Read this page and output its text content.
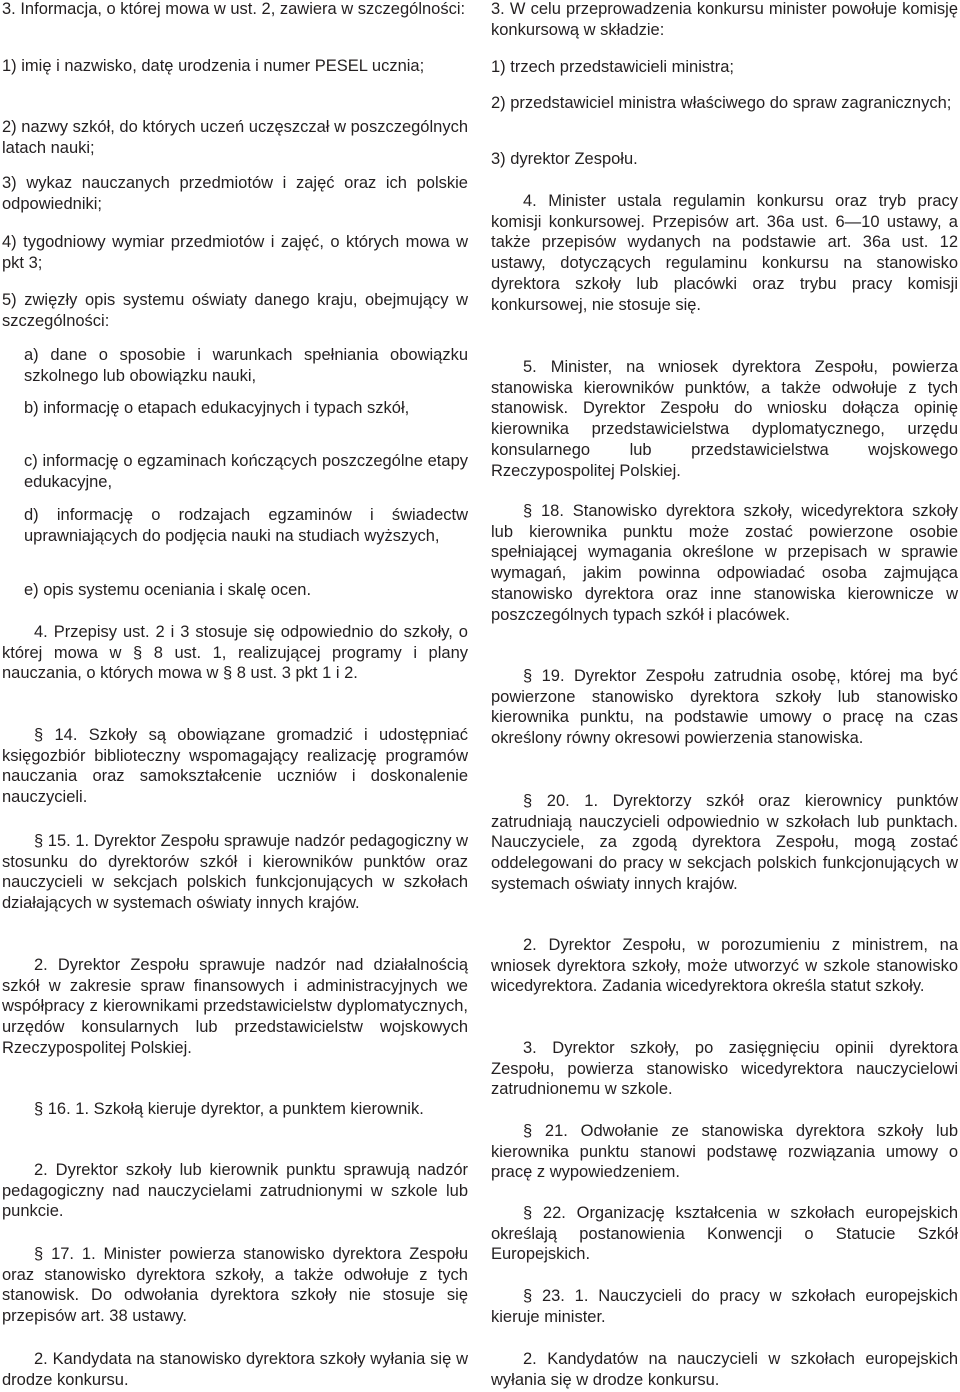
3. Informacja, o której mowa w ust. 2, zawiera w szczególności:

1) imię i nazwisko, datę urodzenia i numer PESEL ucznia;

2) nazwy szkół, do których uczeń uczęszczał w poszczególnych latach nauki;

3) wykaz nauczanych przedmiotów i zajęć oraz ich polskie odpowiedniki;

4) tygodniowy wymiar przedmiotów i zajęć, o których mowa w pkt 3;

5) zwięzły opis systemu oświaty danego kraju, obejmujący w szczególności:

a) dane o sposobie i warunkach spełniania obowiązku szkolnego lub obowiązku nauki,

b) informację o etapach edukacyjnych i typach szkół,

c) informację o egzaminach kończących poszczególne etapy edukacyjne,

d) informację o rodzajach egzaminów i świadectw uprawniających do podjęcia nauki na studiach wyższych,

e) opis systemu oceniania i skalę ocen.

4. Przepisy ust. 2 i 3 stosuje się odpowiednio do szkoły, o której mowa w § 8 ust. 1, realizującej programy i plany nauczania, o których mowa w § 8 ust. 3 pkt 1 i 2.

§ 14. Szkoły są obowiązane gromadzić i udostępniać księgozbiór biblioteczny wspomagający realizację programów nauczania oraz samokształcenie uczniów i doskonalenie nauczycieli.

§ 15. 1. Dyrektor Zespołu sprawuje nadzór pedagogiczny w stosunku do dyrektorów szkół i kierowników punktów oraz nauczycieli w sekcjach polskich funkcjonujących w szkołach działających w systemach oświaty innych krajów.

2. Dyrektor Zespołu sprawuje nadzór nad działalnością szkół w zakresie spraw finansowych i administracyjnych we współpracy z kierownikami przedstawicielstw dyplomatycznych, urzędów konsularnych lub przedstawicielstw wojskowych Rzeczypospolitej Polskiej.

§ 16. 1. Szkołą kieruje dyrektor, a punktem kierownik.

2. Dyrektor szkoły lub kierownik punktu sprawują nadzór pedagogiczny nad nauczycielami zatrudnionymi w szkole lub punkcie.

§ 17. 1. Minister powierza stanowisko dyrektora Zespołu oraz stanowisko dyrektora szkoły, a także odwołuje z tych stanowisk. Do odwołania dyrektora szkoły nie stosuje się przepisów art. 38 ustawy.

2. Kandydata na stanowisko dyrektora szkoły wyłania się w drodze konkursu.

3. W celu przeprowadzenia konkursu minister powołuje komisję konkursową w składzie:

1) trzech przedstawicieli ministra;

2) przedstawiciel ministra właściwego do spraw zagranicznych;

3) dyrektor Zespołu.

4. Minister ustala regulamin konkursu oraz tryb pracy komisji konkursowej. Przepisów art. 36a ust. 6—10 ustawy, a także przepisów wydanych na podstawie art. 36a ust. 12 ustawy, dotyczących regulaminu konkursu na stanowisko dyrektora szkoły lub placówki oraz trybu pracy komisji konkursowej, nie stosuje się.

5. Minister, na wniosek dyrektora Zespołu, powierza stanowiska kierowników punktów, a także odwołuje z tych stanowisk. Dyrektor Zespołu do wniosku dołącza opinię kierownika przedstawicielstwa dyplomatycznego, urzędu konsularnego lub przedstawicielstwa wojskowego Rzeczypospolitej Polskiej.

§ 18. Stanowisko dyrektora szkoły, wicedyrektora szkoły lub kierownika punktu może zostać powierzone osobie spełniającej wymagania określone w przepisach w sprawie wymagań, jakim powinna odpowiadać osoba zajmująca stanowisko dyrektora oraz inne stanowiska kierownicze w poszczególnych typach szkół i placówek.

§ 19. Dyrektor Zespołu zatrudnia osobę, której ma być powierzone stanowisko dyrektora szkoły lub stanowisko kierownika punktu, na podstawie umowy o pracę na czas określony równy okresowi powierzenia stanowiska.

§ 20. 1. Dyrektorzy szkół oraz kierownicy punktów zatrudniają nauczycieli odpowiednio w szkołach lub punktach. Nauczyciele, za zgodą dyrektora Zespołu, mogą zostać oddelegowani do pracy w sekcjach polskich funkcjonujących w systemach oświaty innych krajów.

2. Dyrektor Zespołu, w porozumieniu z ministrem, na wniosek dyrektora szkoły, może utworzyć w szkole stanowisko wicedyrektora. Zadania wicedyrektora określa statut szkoły.

3. Dyrektor szkoły, po zasięgnięciu opinii dyrektora Zespołu, powierza stanowisko wicedyrektora nauczycielowi zatrudnionemu w szkole.

§ 21. Odwołanie ze stanowiska dyrektora szkoły lub kierownika punktu stanowi podstawę rozwiązania umowy o pracę z wypowiedzeniem.

§ 22. Organizację kształcenia w szkołach europejskich określają postanowienia Konwencji o Statucie Szkół Europejskich.

§ 23. 1. Nauczycieli do pracy w szkołach europejskich kieruje minister.

2. Kandydatów na nauczycieli w szkołach europejskich wyłania się w drodze konkursu.
